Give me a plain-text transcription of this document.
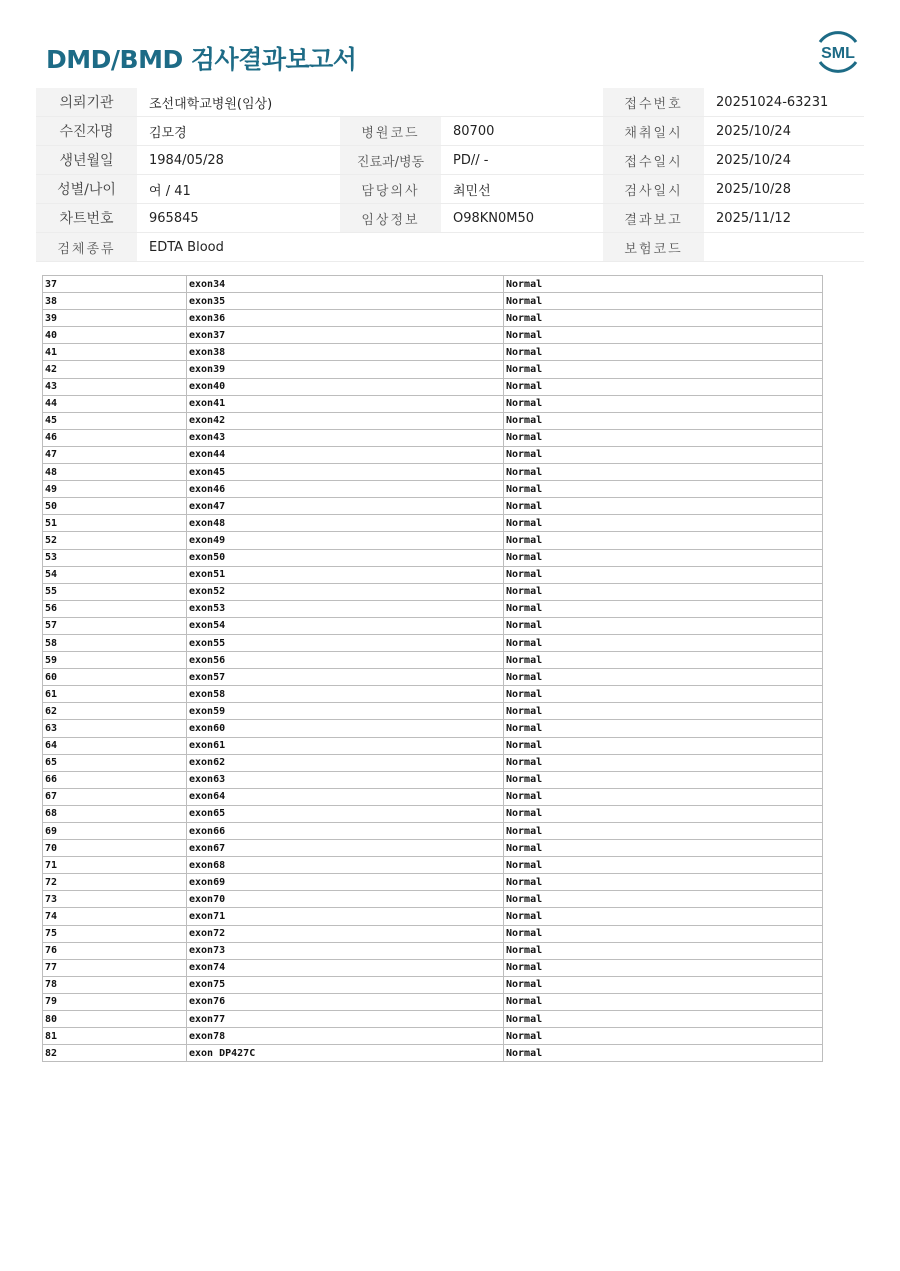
DMD/BMD 검사결과보고서	SML
의뢰기관	조선대학교병원(임상)			접수번호	20251024-63231
수진자명	김모경	병원코드	80700	채취일시	2025/10/24
생년월일	1984/05/28	진료과/병동	PD// -	접수일시	2025/10/24
성별/나이	여 / 41	담당의사	최민선	검사일시	2025/10/28
차트번호	965845	임상정보	O98KN0M50	결과보고	2025/11/12
검체종류	EDTA Blood			보험코드	
37	exon34	Normal
38	exon35	Normal
39	exon36	Normal
40	exon37	Normal
41	exon38	Normal
42	exon39	Normal
43	exon40	Normal
44	exon41	Normal
45	exon42	Normal
46	exon43	Normal
47	exon44	Normal
48	exon45	Normal
49	exon46	Normal
50	exon47	Normal
51	exon48	Normal
52	exon49	Normal
53	exon50	Normal
54	exon51	Normal
55	exon52	Normal
56	exon53	Normal
57	exon54	Normal
58	exon55	Normal
59	exon56	Normal
60	exon57	Normal
61	exon58	Normal
62	exon59	Normal
63	exon60	Normal
64	exon61	Normal
65	exon62	Normal
66	exon63	Normal
67	exon64	Normal
68	exon65	Normal
69	exon66	Normal
70	exon67	Normal
71	exon68	Normal
72	exon69	Normal
73	exon70	Normal
74	exon71	Normal
75	exon72	Normal
76	exon73	Normal
77	exon74	Normal
78	exon75	Normal
79	exon76	Normal
80	exon77	Normal
81	exon78	Normal
82	exon DP427C	Normal
